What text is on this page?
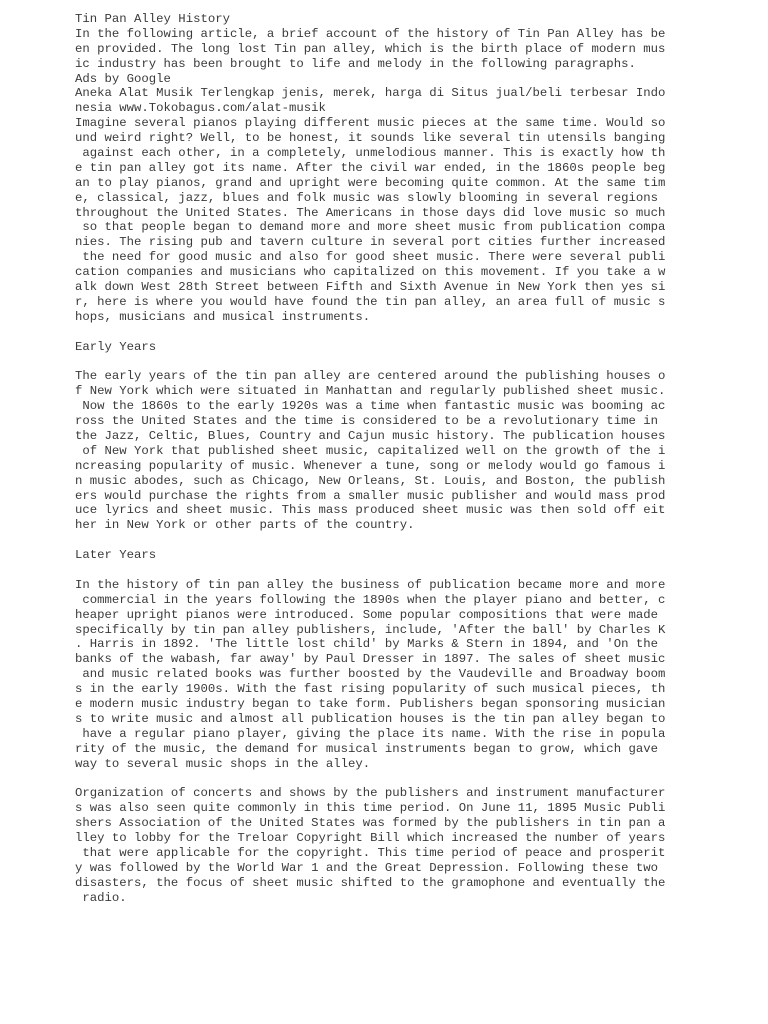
Tin Pan Alley History
In the following article, a brief account of the history of Tin Pan Alley has be
en provided. The long lost Tin pan alley, which is the birth place of modern mus
ic industry has been brought to life and melody in the following paragraphs.
Ads by Google
Aneka Alat Musik Terlengkap jenis, merek, harga di Situs jual/beli terbesar Indo
nesia www.Tokobagus.com/alat-musik
Imagine several pianos playing different music pieces at the same time. Would so
und weird right? Well, to be honest, it sounds like several tin utensils banging
against each other, in a completely, unmelodious manner. This is exactly how th
e tin pan alley got its name. After the civil war ended, in the 1860s people beg
an to play pianos, grand and upright were becoming quite common. At the same tim
e, classical, jazz, blues and folk music was slowly blooming in several regions
throughout the United States. The Americans in those days did love music so much
so that people began to demand more and more sheet music from publication compa
nies. The rising pub and tavern culture in several port cities further increased
the need for good music and also for good sheet music. There were several publi
cation companies and musicians who capitalized on this movement. If you take a w
alk down West 28th Street between Fifth and Sixth Avenue in New York then yes si
r, here is where you would have found the tin pan alley, an area full of music s
hops, musicians and musical instruments.
Early Years
The early years of the tin pan alley are centered around the publishing houses o
f New York which were situated in Manhattan and regularly published sheet music.
Now the 1860s to the early 1920s was a time when fantastic music was booming ac
ross the United States and the time is considered to be a revolutionary time in
the Jazz, Celtic, Blues, Country and Cajun music history. The publication houses
of New York that published sheet music, capitalized well on the growth of the i
ncreasing popularity of music. Whenever a tune, song or melody would go famous i
n music abodes, such as Chicago, New Orleans, St. Louis, and Boston, the publish
ers would purchase the rights from a smaller music publisher and would mass prod
uce lyrics and sheet music. This mass produced sheet music was then sold off eit
her in New York or other parts of the country.
Later Years
In the history of tin pan alley the business of publication became more and more
commercial in the years following the 1890s when the player piano and better, c
heaper upright pianos were introduced. Some popular compositions that were made
specifically by tin pan alley publishers, include, 'After the ball' by Charles K
. Harris in 1892. 'The little lost child' by Marks & Stern in 1894, and 'On the
banks of the wabash, far away' by Paul Dresser in 1897. The sales of sheet music
and music related books was further boosted by the Vaudeville and Broadway boom
s in the early 1900s. With the fast rising popularity of such musical pieces, th
e modern music industry began to take form. Publishers began sponsoring musician
s to write music and almost all publication houses is the tin pan alley began to
have a regular piano player, giving the place its name. With the rise in popula
rity of the music, the demand for musical instruments began to grow, which gave
way to several music shops in the alley.
Organization of concerts and shows by the publishers and instrument manufacturer
s was also seen quite commonly in this time period. On June 11, 1895 Music Publi
shers Association of the United States was formed by the publishers in tin pan a
lley to lobby for the Treloar Copyright Bill which increased the number of years
that were applicable for the copyright. This time period of peace and prosperit
y was followed by the World War 1 and the Great Depression. Following these two
disasters, the focus of sheet music shifted to the gramophone and eventually the
radio.
